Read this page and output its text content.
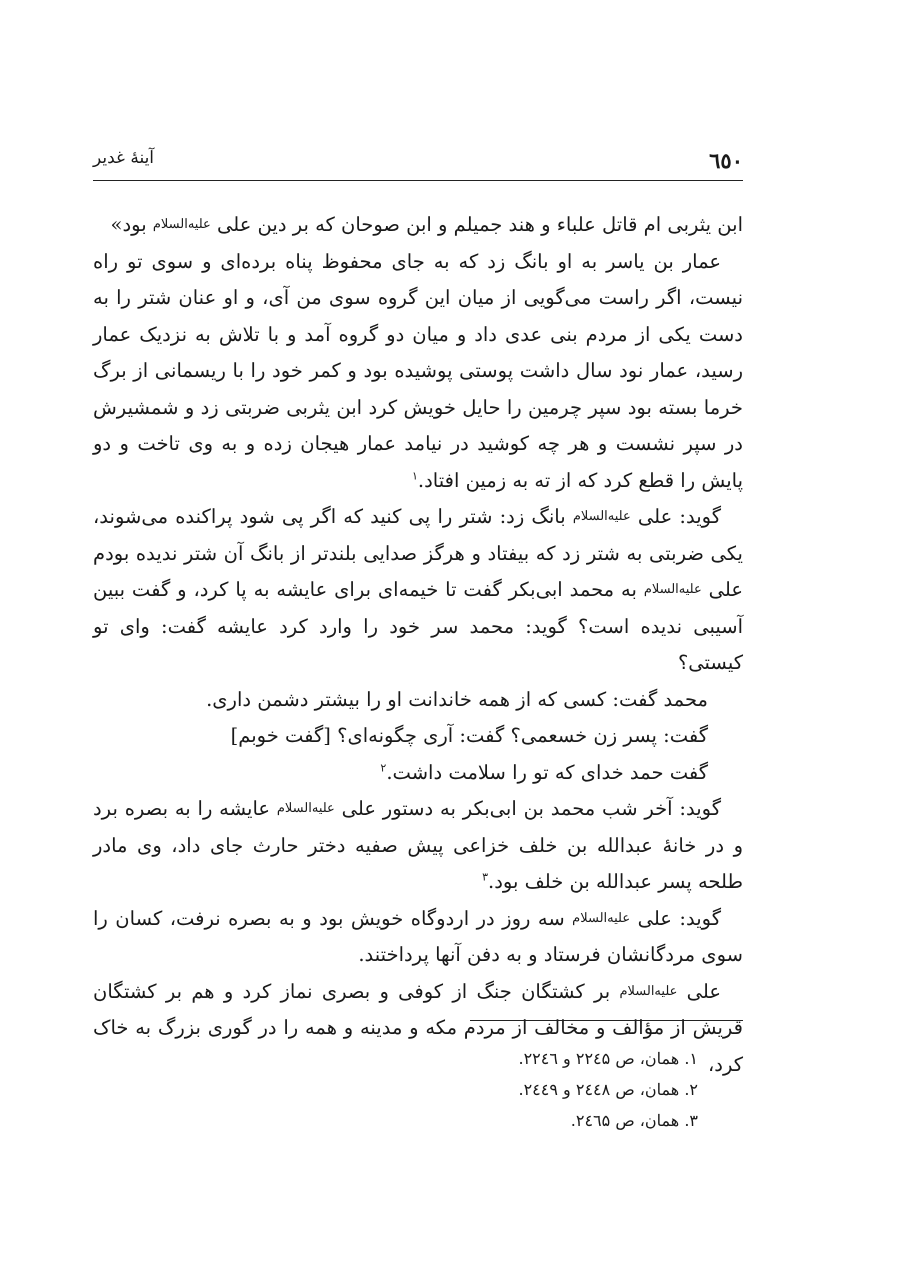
٦٥٠
آینهٔ غدیر

ابن یثربی ام قاتل علباء و هند جمیلم و ابن صوحان که بر دین علی علیه‌السلام بود»

عمار بن یاسر به او بانگ زد که به جای محفوظ پناه برده‌ای و سوی تو راه نیست، اگر راست می‌گویی از میان این گروه سوی من آی، و او عنان شتر را به دست یکی از مردم بنی عدی داد و میان دو گروه آمد و با تلاش به نزدیک عمار رسید، عمار نود سال داشت پوستی پوشیده بود و کمر خود را با ریسمانی از برگ خرما بسته بود سپر چرمین را حایل خویش کرد ابن یثربی ضربتی زد و شمشیرش در سپر نشست و هر چه کوشید در نیامد عمار هیجان زده و به وی تاخت و دو پایش را قطع کرد که از ته به زمین افتاد.$^۱$

گوید: علی علیه‌السلام بانگ زد: شتر را پی کنید که اگر پی شود پراکنده می‌شوند، یکی ضربتی به شتر زد که بیفتاد و هرگز صدایی بلندتر از بانگ آن شتر ندیده بودم علی علیه‌السلام به محمد ابی‌بکر گفت تا خیمه‌ای برای عایشه به پا کرد، و گفت ببین آسیبی ندیده است؟ گوید: محمد سر خود را وارد کرد عایشه گفت: وای تو کیستی؟

محمد گفت: کسی که از همه خاندانت او را بیشتر دشمن داری.
گفت: پسر زن خسعمی؟ گفت: آری چگونه‌ای؟ [گفت خوبم]
گفت حمد خدای که تو را سلامت داشت.$^۲$

گوید: آخر شب محمد بن ابی‌بکر به دستور علی علیه‌السلام عایشه را به بصره برد و در خانهٔ عبدالله بن خلف خزاعی پیش صفیه دختر حارث جای داد، وی مادر طلحه پسر عبدالله بن خلف بود.$^۳$

گوید: علی علیه‌السلام سه روز در اردوگاه خویش بود و به بصره نرفت، کسان را سوی مردگانشان فرستاد و به دفن آنها پرداختند.

علی علیه‌السلام بر کشتگان جنگ از کوفی و بصری نماز کرد و هم بر کشتگان قریش از مؤالف و مخالف از مردم مکه و مدینه و همه را در گوری بزرگ به خاک کرد،

۱. همان، ص ۲۲٤۵ و ۲۲٤٦.
۲. همان، ص ۲٤٤۸ و ۲٤٤۹.
۳. همان، ص ۲٤٦۵.
